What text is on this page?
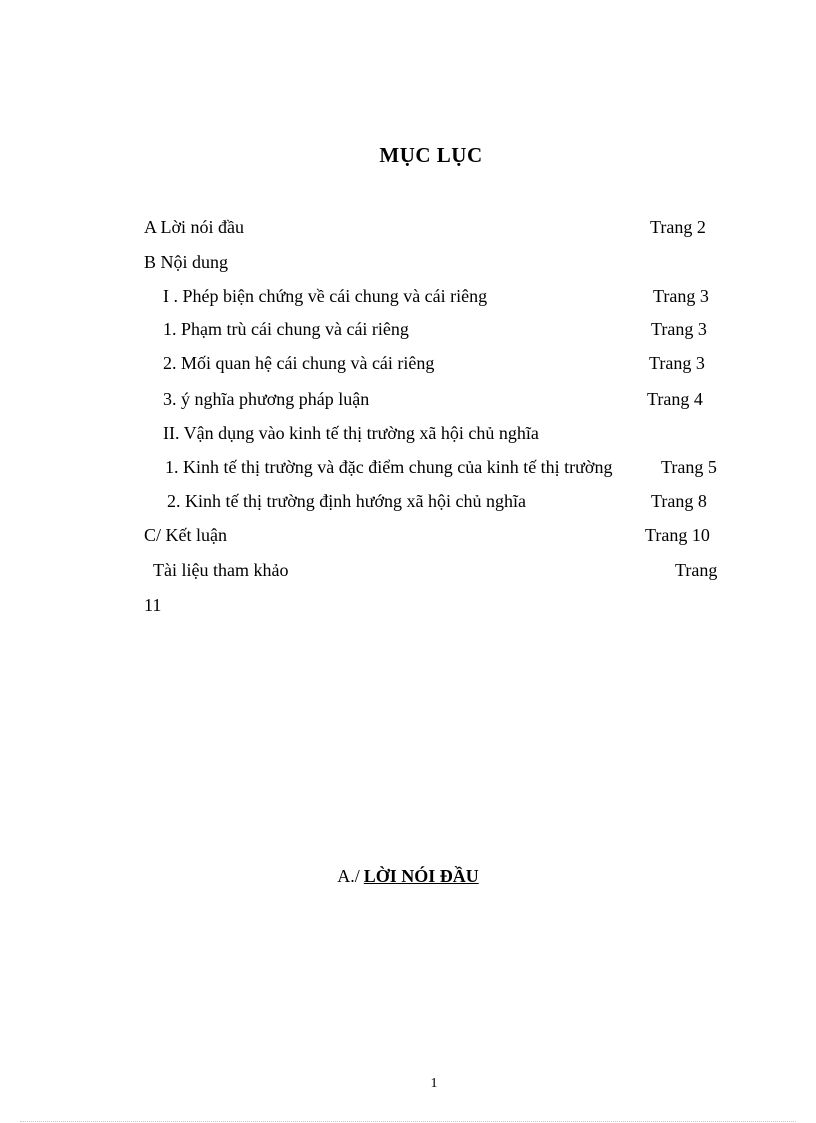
MỤC LỤC
A Lời nói đầu	Trang 2
B Nội dung
I . Phép biện chứng về cái chung và cái riêng	Trang 3
1. Phạm trù cái chung và cái riêng	Trang 3
2. Mối quan hệ cái chung và cái riêng	Trang 3
3. ý nghĩa phương pháp luận	Trang 4
II. Vận dụng vào kinh tế thị trường xã hội chủ nghĩa
1. Kinh tế thị trường và đặc điểm chung của kinh tế thị trường	Trang 5
2. Kinh tế thị trường định hướng xã hội chủ nghĩa	Trang 8
C/ Kết luận	Trang 10
Tài liệu tham khảo	Trang
11
A./ LỜI NÓI ĐẦU
1
